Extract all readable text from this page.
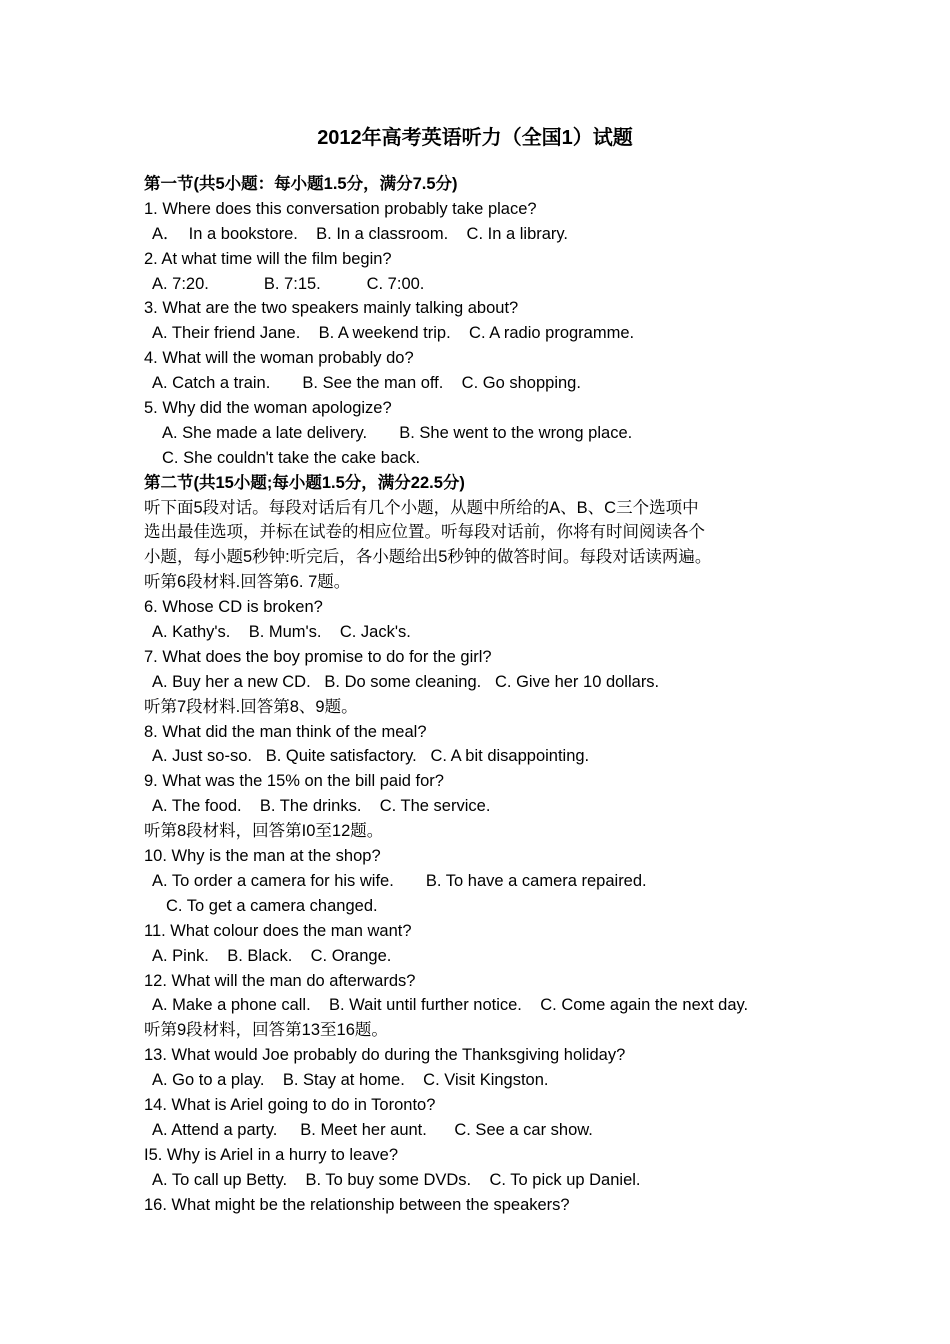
2012年高考英语听力（全国1）试题
第一节(共5小题：每小题1.5分，满分7.5分)
1. Where does this conversation probably take place?
A．  In a bookstore.    B. In a classroom.    C. In a library.
2. At what time will the film begin?
A. 7:20.            B. 7:15.          C. 7:00.
3. What are the two speakers mainly talking about?
A. Their friend Jane.    B. A weekend trip.    C. A radio programme.
4. What will the woman probably do?
A. Catch a train.       B. See the man off.    C. Go shopping.
5. Why did the woman apologize?
A. She made a late delivery.       B. She went to the wrong place.
C. She couldn't take the cake back.
第二节(共15小题;每小题1.5分，满分22.5分)
听下面5段对话。每段对话后有几个小题，从题中所给的A、B、C三个选项中
选出最佳选项，并标在试卷的相应位置。听每段对话前，你将有时间阅读各个
小题，每小题5秒钟:听完后，各小题给出5秒钟的做答时间。每段对话读两遍。
听第6段材料.回答第6. 7题。
6. Whose CD is broken?
A. Kathy's.    B. Mum's.    C. Jack's.
7. What does the boy promise to do for the girl?
A. Buy her a new CD.   B. Do some cleaning.   C. Give her 10 dollars.
听第7段材料.回答第8、9题。
8. What did the man think of the meal?
A. Just so-so.   B. Quite satisfactory.   C. A bit disappointing.
9. What was the 15% on the bill paid for?
A. The food.    B. The drinks.    C. The service.
听第8段材料，回答第I0至12题。
10. Why is the man at the shop?
A. To order a camera for his wife.       B. To have a camera repaired.
C. To get a camera changed.
11. What colour does the man want?
A. Pink.    B. Black.    C. Orange.
12. What will the man do afterwards?
A. Make a phone call.    B. Wait until further notice.    C. Come again the next day.
听第9段材料，回答第13至16题。
13. What would Joe probably do during the Thanksgiving holiday?
A. Go to a play.    B. Stay at home.    C. Visit Kingston.
14. What is Ariel going to do in Toronto?
A. Attend a party.     B. Meet her aunt.      C. See a car show.
I5. Why is Ariel in a hurry to leave?
A. To call up Betty.    B. To buy some DVDs.    C. To pick up Daniel.
16. What might be the relationship between the speakers?
